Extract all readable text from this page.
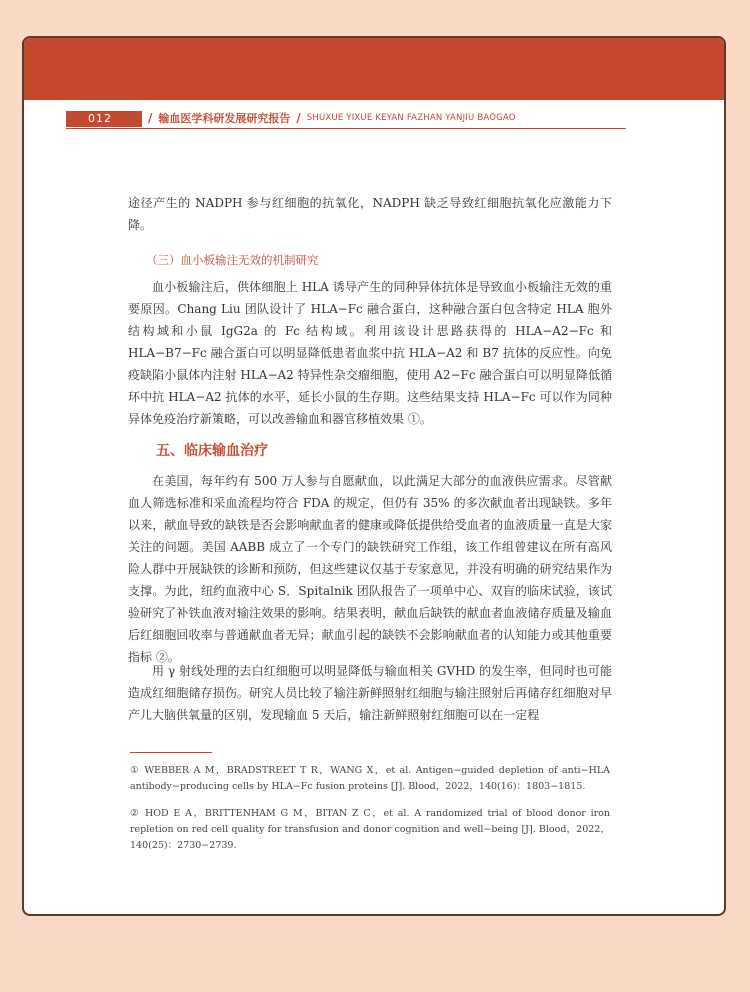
012	/ 输血医学科研发展研究报告 / SHUXUE YIXUE KEYAN FAZHAN YANJIU BAOGAO

途径产生的 NADPH 参与红细胞的抗氧化，NADPH 缺乏导致红细胞抗氧化应激能力下降。

（三）血小板输注无效的机制研究

血小板输注后，供体细胞上 HLA 诱导产生的同种异体抗体是导致血小板输注无效的重要原因。Chang Liu 团队设计了 HLA−Fc 融合蛋白，这种融合蛋白包含特定 HLA 胞外结构域和小鼠 IgG2a 的 Fc 结构域。利用该设计思路获得的 HLA−A2−Fc 和 HLA−B7−Fc 融合蛋白可以明显降低患者血浆中抗 HLA−A2 和 B7 抗体的反应性。向免疫缺陷小鼠体内注射 HLA−A2 特异性杂交瘤细胞，使用 A2−Fc 融合蛋白可以明显降低循环中抗 HLA−A2 抗体的水平，延长小鼠的生存期。这些结果支持 HLA−Fc 可以作为同种异体免疫治疗新策略，可以改善输血和器官移植效果 ①。

五、临床输血治疗

在美国，每年约有 500 万人参与自愿献血，以此满足大部分的血液供应需求。尽管献血人筛选标准和采血流程均符合 FDA 的规定，但仍有 35% 的多次献血者出现缺铁。多年以来，献血导致的缺铁是否会影响献血者的健康或降低提供给受血者的血液质量一直是大家关注的问题。美国 AABB 成立了一个专门的缺铁研究工作组，该工作组曾建议在所有高风险人群中开展缺铁的诊断和预防，但这些建议仅基于专家意见，并没有明确的研究结果作为支撑。为此，纽约血液中心 S．Spitalnik 团队报告了一项单中心、双盲的临床试验，该试验研究了补铁血液对输注效果的影响。结果表明，献血后缺铁的献血者血液储存质量及输血后红细胞回收率与普通献血者无异；献血引起的缺铁不会影响献血者的认知能力或其他重要指标 ②。

用 γ 射线处理的去白红细胞可以明显降低与输血相关 GVHD 的发生率，但同时也可能造成红细胞储存损伤。研究人员比较了输注新鲜照射红细胞与输注照射后再储存红细胞对早产儿大脑供氧量的区别，发现输血 5 天后，输注新鲜照射红细胞可以在一定程

① WEBBER A M，BRADSTREET T R，WANG X，et al. Antigen−guided depletion of anti−HLA antibody−producing cells by HLA−Fc fusion proteins [J]. Blood，2022，140(16)：1803−1815.

② HOD E A，BRITTENHAM G M，BITAN Z C，et al. A randomized trial of blood donor iron repletion on red cell quality for transfusion and donor cognition and well−being [J]. Blood，2022，140(25)：2730−2739.
